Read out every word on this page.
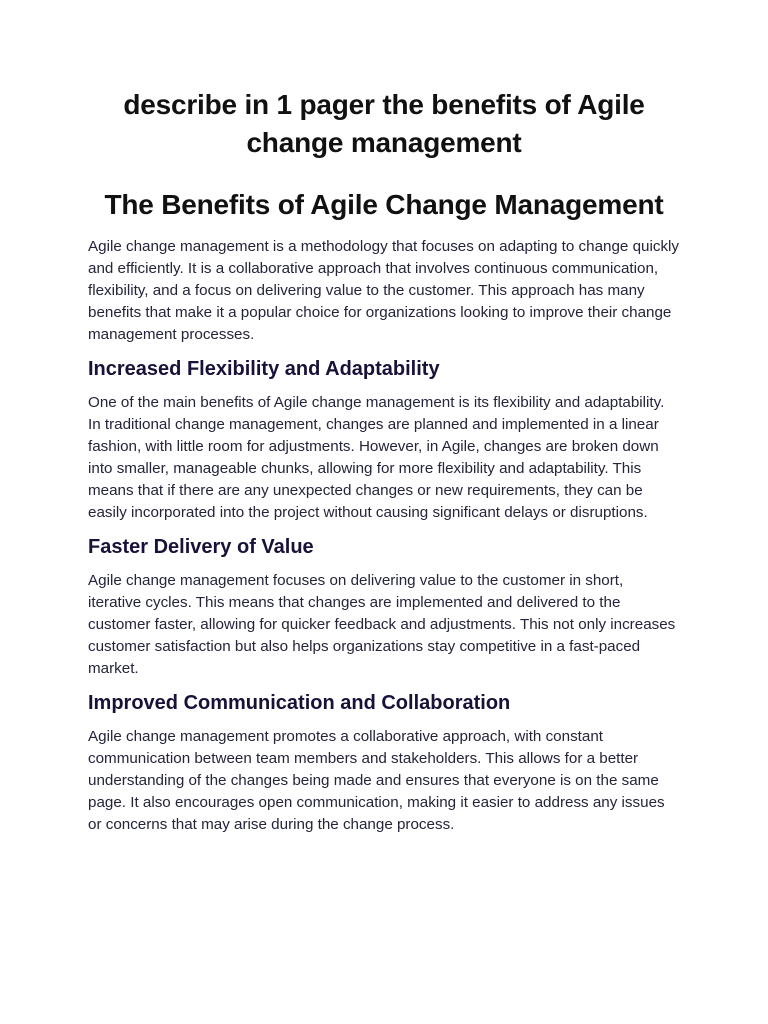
describe in 1 pager the benefits of Agile change management
The Benefits of Agile Change Management

Agile change management is a methodology that focuses on adapting to change quickly and efficiently. It is a collaborative approach that involves continuous communication, flexibility, and a focus on delivering value to the customer. This approach has many benefits that make it a popular choice for organizations looking to improve their change management processes.

Increased Flexibility and Adaptability

One of the main benefits of Agile change management is its flexibility and adaptability. In traditional change management, changes are planned and implemented in a linear fashion, with little room for adjustments. However, in Agile, changes are broken down into smaller, manageable chunks, allowing for more flexibility and adaptability. This means that if there are any unexpected changes or new requirements, they can be easily incorporated into the project without causing significant delays or disruptions.

Faster Delivery of Value

Agile change management focuses on delivering value to the customer in short, iterative cycles. This means that changes are implemented and delivered to the customer faster, allowing for quicker feedback and adjustments. This not only increases customer satisfaction but also helps organizations stay competitive in a fast-paced market.

Improved Communication and Collaboration

Agile change management promotes a collaborative approach, with constant communication between team members and stakeholders. This allows for a better understanding of the changes being made and ensures that everyone is on the same page. It also encourages open communication, making it easier to address any issues or concerns that may arise during the change process.
